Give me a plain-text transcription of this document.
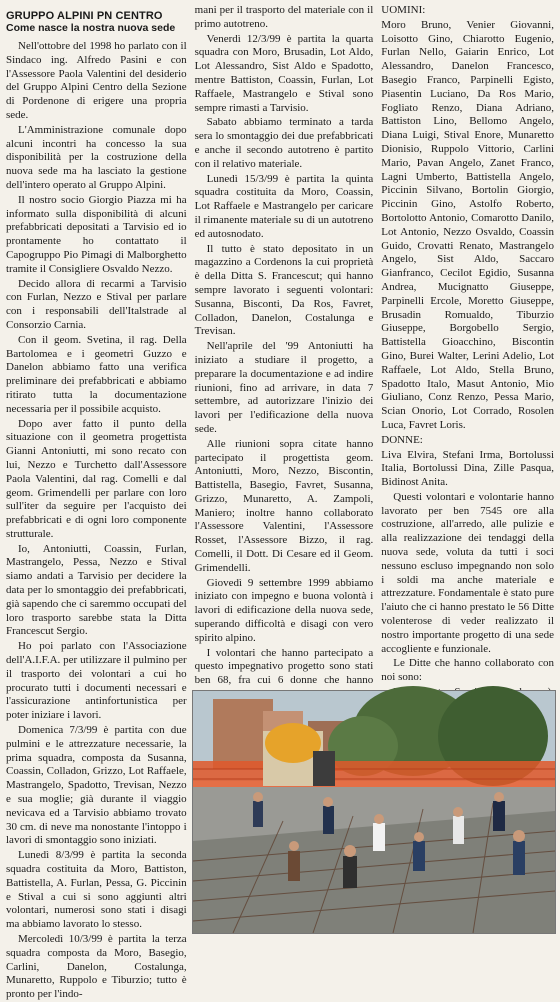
GRUPPO ALPINI PN CENTRO
Come nasce la nostra nuova sede

Nell'ottobre del 1998 ho parlato con il Sindaco ing. Alfredo Pasini e con l'Assessore Paola Valentini del desiderio del Gruppo Alpini Centro della Sezione di Pordenone di erigere una propria sede.

L'Amministrazione comunale dopo alcuni incontri ha concesso la sua disponibilità per la costruzione della nuova sede ma ha lasciato la gestione dell'intero operato al Gruppo Alpini.

Il nostro socio Giorgio Piazza mi ha informato sulla disponibilità di alcuni prefabbricati depositati a Tarvisio ed io prontamente ho contattato il Capogruppo Pio Pimagi di Malborghetto tramite il Consigliere Osvaldo Nezzo.

Decido allora di recarmi a Tarvisio con Furlan, Nezzo e Stival per parlare con i responsabili dell'Italstrade al Consorzio Carnia.

Con il geom. Svetina, il rag. Della Bartolomea e i geometri Guzzo e Danelon abbiamo fatto una verifica preliminare dei prefabbricati e abbiamo ritirato tutta la documentazione necessaria per il possibile acquisto.

Dopo aver fatto il punto della situazione con il geometra progettista Gianni Antoniutti, mi sono recato con lui, Nezzo e Turchetto dall'Assessore Paola Valentini, dal rag. Comelli e dal geom. Grimendelli per parlare con loro sull'iter da seguire per l'acquisto dei prefabbricati e di ogni loro componente strutturale.

Io, Antoniutti, Coassin, Furlan, Mastrangelo, Pessa, Nezzo e Stival siamo andati a Tarvisio per decidere la data per lo smontaggio dei prefabbricati, già sapendo che ci saremmo occupati del loro trasporto sarebbe stata la Ditta Francescut Sergio.

Ho poi parlato con l'Associazione dell'A.I.F.A. per utilizzare il pulmino per il trasporto dei volontari a cui ho procurato tutti i documenti necessari e l'assicurazione antinfortunistica per poter iniziare i lavori.

Domenica 7/3/99 è partita con due pulmini e le attrezzature necessarie, la prima squadra, composta da Susanna, Coassin, Colladon, Grizzo, Lot Raffaele, Mastrangelo, Spadotto, Trevisan, Nezzo e sua moglie; già durante il viaggio nevicava ed a Tarvisio abbiamo trovato 30 cm. di neve ma nonostante l'intoppo i lavori di smontaggio sono iniziati.

Lunedì 8/3/99 è partita la seconda squadra costituita da Moro, Battiston, Battistella, A. Furlan, Pessa, G. Piccinin e Stival a cui si sono aggiunti altri volontari, numerosi sono stati i disagi ma abbiamo lavorato lo stesso.

Mercoledì 10/3/99 è partita la terza squadra composta da Moro, Basegio, Carlini, Danelon, Costalunga, Munaretto, Ruppolo e Tiburzio; tutto è pronto per l'indo-

mani per il trasporto del materiale con il primo autotreno.

Venerdì 12/3/99 è partita la quarta squadra con Moro, Brusadin, Lot Aldo, Lot Alessandro, Sist Aldo e Spadotto, mentre Battiston, Coassin, Furlan, Lot Raffaele, Mastrangelo e Stival sono sempre rimasti a Tarvisio.

Sabato abbiamo terminato a tarda sera lo smontaggio dei due prefabbricati e anche il secondo autotreno è partito con il relativo materiale.

Lunedì 15/3/99 è partita la quinta squadra costituita da Moro, Coassin, Lot Raffaele e Mastrangelo per caricare il rimanente materiale su di un autotreno ed autosnodato.

Il tutto è stato depositato in un magazzino a Cordenons la cui proprietà è della Ditta S. Francescut; qui hanno sempre lavorato i seguenti volontari: Susanna, Bisconti, Da Ros, Favret, Colladon, Danelon, Costalunga e Trevisan.

Nell'aprile del '99 Antoniutti ha iniziato a studiare il progetto, a preparare la documentazione e ad indire riunioni, fino ad arrivare, in data 7 settembre, ad autorizzare l'inizio dei lavori per l'edificazione della nuova sede.

Alle riunioni sopra citate hanno partecipato il progettista geom. Antoniutti, Moro, Nezzo, Biscontin, Battistella, Basegio, Favret, Susanna, Grizzo, Munaretto, A. Zampoli, Maniero; inoltre hanno collaborato l'Assessore Valentini, l'Assessore Rosset, l'Assessore Bizzo, il rag. Comelli, il Dott. Di Cesare ed il Geom. Grimendelli.

Giovedì 9 settembre 1999 abbiamo iniziato con impegno e buona volontà i lavori di edificazione della nuova sede, superando difficoltà e disagi con vero spirito alpino.

I volontari che hanno partecipato a questo impegnativo progetto sono stati ben 68, fra cui 6 donne che hanno

UOMINI:

Moro Bruno, Venier Giovanni, Loisotto Gino, Chiarotto Eugenio, Furlan Nello, Gaiarin Enrico, Lot Alessandro, Danelon Francesco, Basegio Franco, Parpinelli Egisto, Piasentin Luciano, Da Ros Mario, Fogliato Renzo, Diana Adriano, Battiston Lino, Bellomo Angelo, Diana Luigi, Stival Enore, Munaretto Dionisio, Ruppolo Vittorio, Carlini Mario, Pavan Angelo, Zanet Franco, Lagni Umberto, Battistella Angelo, Piccinin Silvano, Bortolin Giorgio, Piccinin Gino, Astolfo Roberto, Bortolotto Antonio, Comarotto Danilo, Lot Antonio, Nezzo Osvaldo, Coassin Guido, Crovatti Renato, Mastrangelo Angelo, Sist Aldo, Saccaro Gianfranco, Cecilot Egidio, Susanna Andrea, Mucignatto Giuseppe, Parpinelli Ercole, Moretto Giuseppe, Brusadin Romualdo, Tiburzio Giuseppe, Borgobello Sergio, Battistella Gioacchino, Biscontin Gino, Burei Walter, Lerini Adelio, Lot Raffaele, Lot Aldo, Stella Bruno, Spadotto Italo, Masut Antonio, Mio Giuliano, Conz Renzo, Pessa Mario, Scian Onorio, Lot Corrado, Rosolen Luca, Favret Loris.

DONNE:

Liva Elvira, Stefani Irma, Bortolussi Italia, Bortolussi Dina, Zille Pasqua, Bidinost Anita.

Questi volontari e volontarie hanno lavorato per ben 7545 ore alla costruzione, all'arredo, alle pulizie e alla realizzazione dei tendaggi della nuova sede, voluta da tutti i soci nessuno escluso impegnando non solo i soldi ma anche materiale e attrezzature. Fondamentale è stato pure l'aiuto che ci hanno prestato le 56 Ditte volenterose di veder realizzato il nostro importante progetto di una sede accogliente e funzionale.

Le Ditte che hanno collaborato con noi sono:
